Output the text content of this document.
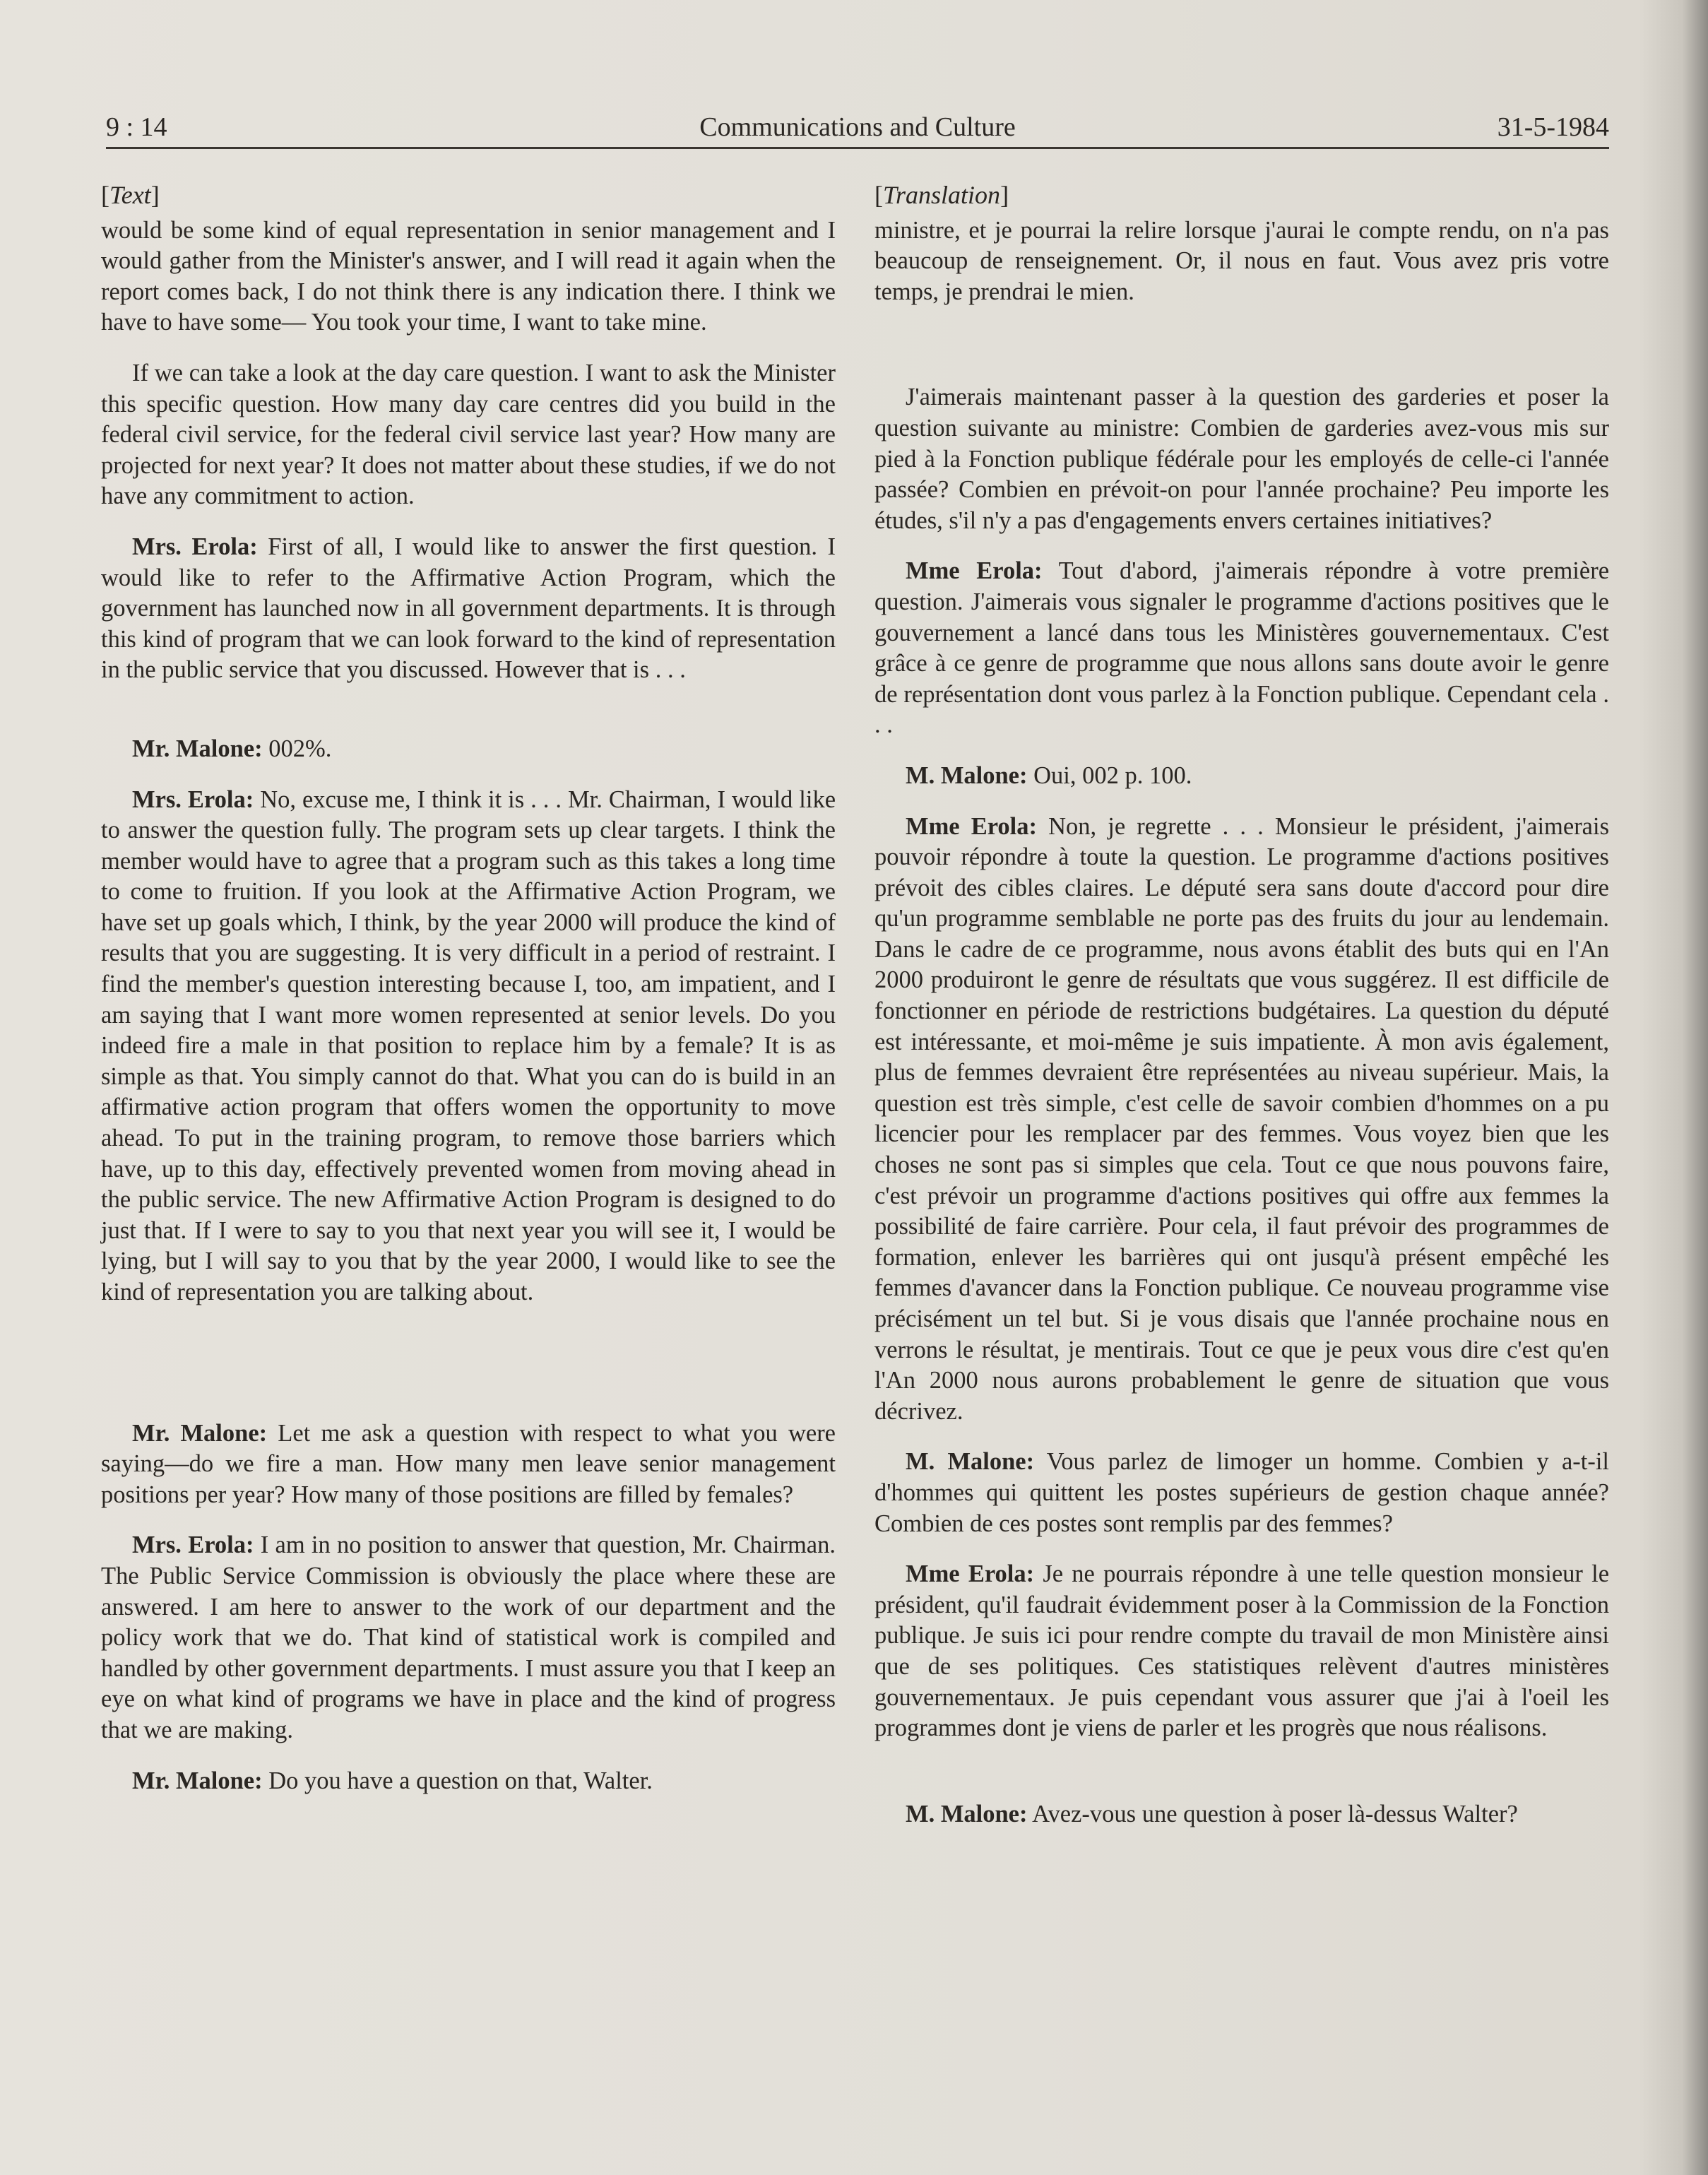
9 : 14	Communications and Culture	31-5-1984

[Text]

would be some kind of equal representation in senior management and I would gather from the Minister's answer, and I will read it again when the report comes back, I do not think there is any indication there. I think we have to have some— You took your time, I want to take mine.

If we can take a look at the day care question. I want to ask the Minister this specific question. How many day care centres did you build in the federal civil service, for the federal civil service last year? How many are projected for next year? It does not matter about these studies, if we do not have any commitment to action.

Mrs. Erola: First of all, I would like to answer the first question. I would like to refer to the Affirmative Action Program, which the government has launched now in all government departments. It is through this kind of program that we can look forward to the kind of representation in the public service that you discussed. However that is . . .

Mr. Malone: 002%.

Mrs. Erola: No, excuse me, I think it is . . . Mr. Chairman, I would like to answer the question fully. The program sets up clear targets. I think the member would have to agree that a program such as this takes a long time to come to fruition. If you look at the Affirmative Action Program, we have set up goals which, I think, by the year 2000 will produce the kind of results that you are suggesting. It is very difficult in a period of restraint. I find the member's question interesting because I, too, am impatient, and I am saying that I want more women represented at senior levels. Do you indeed fire a male in that position to replace him by a female? It is as simple as that. You simply cannot do that. What you can do is build in an affirmative action program that offers women the opportunity to move ahead. To put in the training program, to remove those barriers which have, up to this day, effectively prevented women from moving ahead in the public service. The new Affirmative Action Program is designed to do just that. If I were to say to you that next year you will see it, I would be lying, but I will say to you that by the year 2000, I would like to see the kind of representation you are talking about.

Mr. Malone: Let me ask a question with respect to what you were saying—do we fire a man. How many men leave senior management positions per year? How many of those positions are filled by females?

Mrs. Erola: I am in no position to answer that question, Mr. Chairman. The Public Service Commission is obviously the place where these are answered. I am here to answer to the work of our department and the policy work that we do. That kind of statistical work is compiled and handled by other government departments. I must assure you that I keep an eye on what kind of programs we have in place and the kind of progress that we are making.

Mr. Malone: Do you have a question on that, Walter.

[Translation]

ministre, et je pourrai la relire lorsque j'aurai le compte rendu, on n'a pas beaucoup de renseignement. Or, il nous en faut. Vous avez pris votre temps, je prendrai le mien.

J'aimerais maintenant passer à la question des garderies et poser la question suivante au ministre: Combien de garderies avez-vous mis sur pied à la Fonction publique fédérale pour les employés de celle-ci l'année passée? Combien en prévoit-on pour l'année prochaine? Peu importe les études, s'il n'y a pas d'engagements envers certaines initiatives?

Mme Erola: Tout d'abord, j'aimerais répondre à votre première question. J'aimerais vous signaler le programme d'actions positives que le gouvernement a lancé dans tous les Ministères gouvernementaux. C'est grâce à ce genre de programme que nous allons sans doute avoir le genre de représentation dont vous parlez à la Fonction publique. Cependant cela . . .

M. Malone: Oui, 002 p. 100.

Mme Erola: Non, je regrette . . . Monsieur le président, j'aimerais pouvoir répondre à toute la question. Le programme d'actions positives prévoit des cibles claires. Le député sera sans doute d'accord pour dire qu'un programme semblable ne porte pas des fruits du jour au lendemain. Dans le cadre de ce programme, nous avons établit des buts qui en l'An 2000 produiront le genre de résultats que vous suggérez. Il est difficile de fonctionner en période de restrictions budgétaires. La question du député est intéressante, et moi-même je suis impatiente. À mon avis également, plus de femmes devraient être représentées au niveau supérieur. Mais, la question est très simple, c'est celle de savoir combien d'hommes on a pu licencier pour les remplacer par des femmes. Vous voyez bien que les choses ne sont pas si simples que cela. Tout ce que nous pouvons faire, c'est prévoir un programme d'actions positives qui offre aux femmes la possibilité de faire carrière. Pour cela, il faut prévoir des programmes de formation, enlever les barrières qui ont jusqu'à présent empêché les femmes d'avancer dans la Fonction publique. Ce nouveau programme vise précisément un tel but. Si je vous disais que l'année prochaine nous en verrons le résultat, je mentirais. Tout ce que je peux vous dire c'est qu'en l'An 2000 nous aurons probablement le genre de situation que vous décrivez.

M. Malone: Vous parlez de limoger un homme. Combien y a-t-il d'hommes qui quittent les postes supérieurs de gestion chaque année? Combien de ces postes sont remplis par des femmes?

Mme Erola: Je ne pourrais répondre à une telle question monsieur le président, qu'il faudrait évidemment poser à la Commission de la Fonction publique. Je suis ici pour rendre compte du travail de mon Ministère ainsi que de ses politiques. Ces statistiques relèvent d'autres ministères gouvernementaux. Je puis cependant vous assurer que j'ai à l'oeil les programmes dont je viens de parler et les progrès que nous réalisons.

M. Malone: Avez-vous une question à poser là-dessus Walter?
